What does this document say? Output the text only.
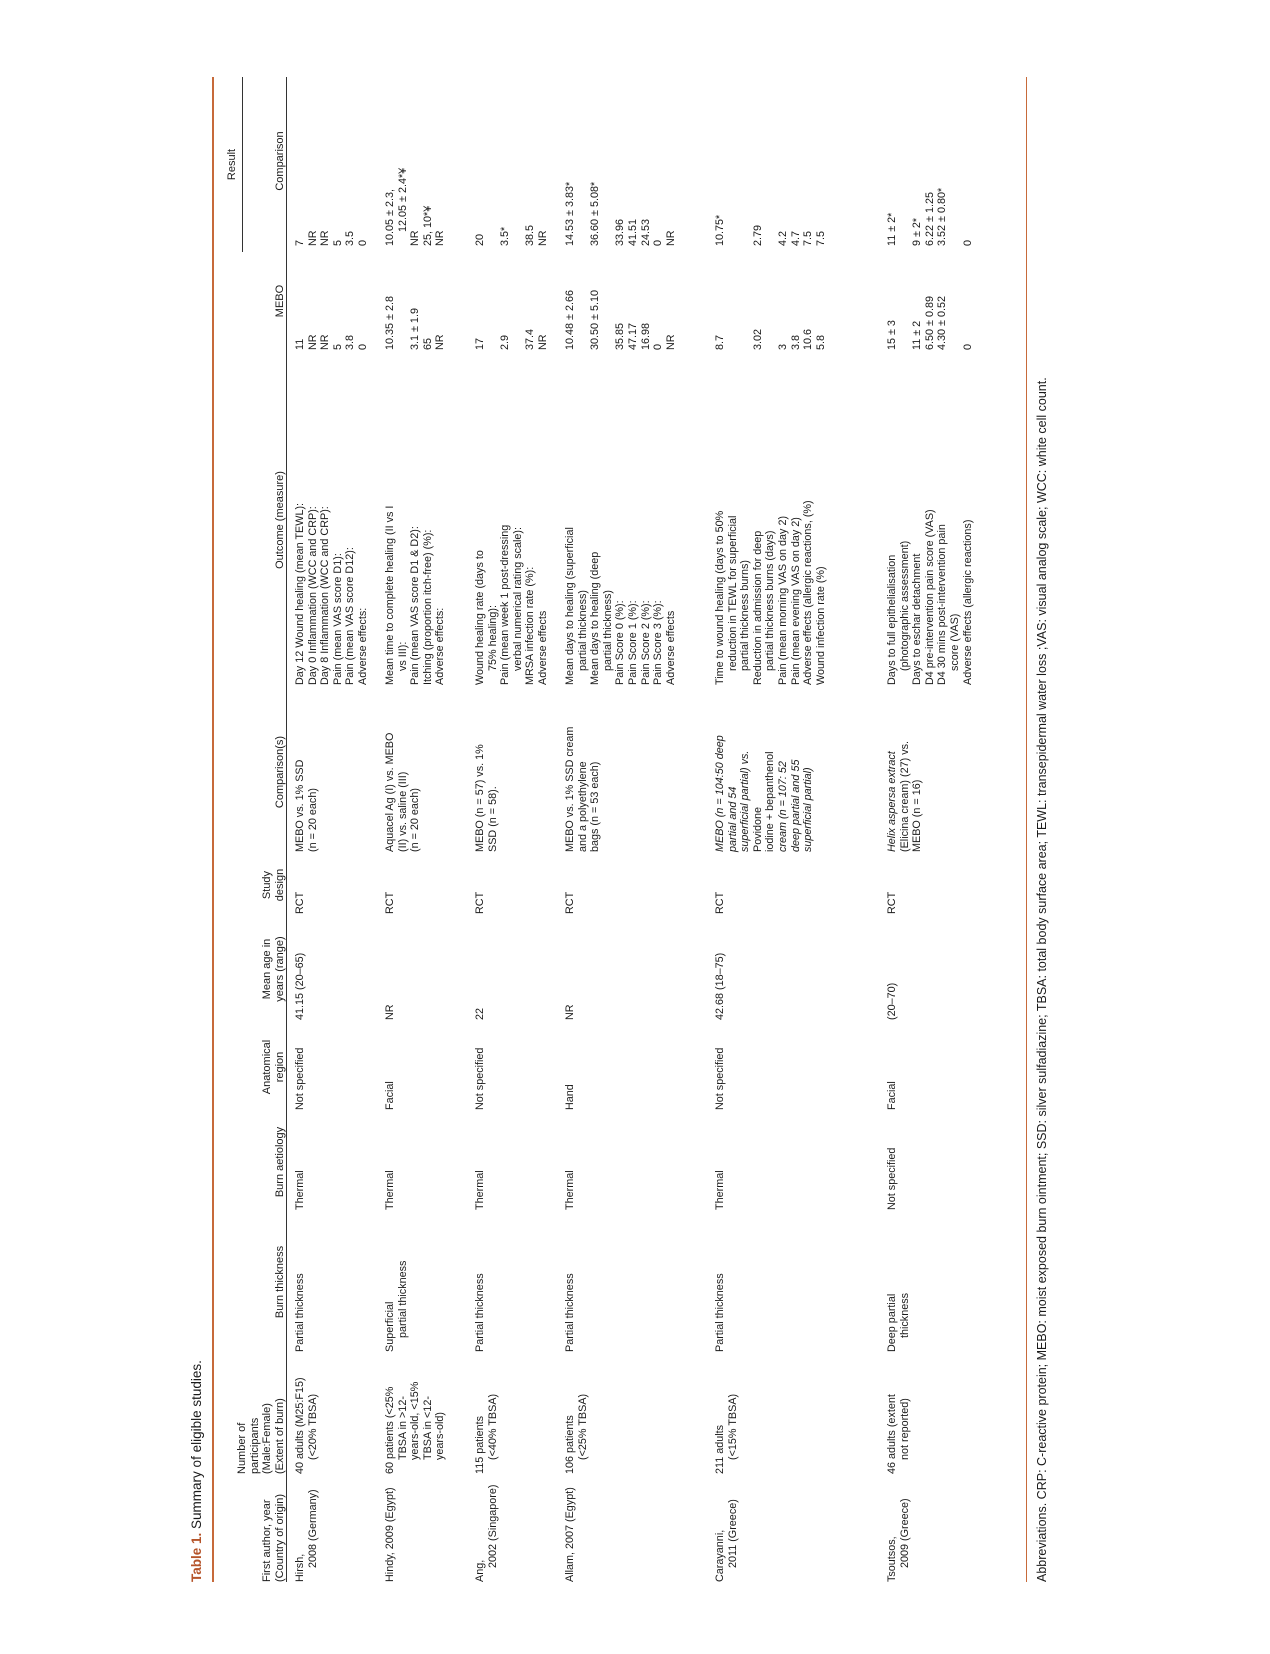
Table 1. Summary of eligible studies.
First author, year (Country of origin)
Number of participants (Male:Female) (Extent of burn)
Burn thickness
Burn aetiology
Anatomical region
Mean age in years (range)
Study design
Comparison(s)
Outcome (measure)
Result
MEBO
Comparison
Hirsh, 2008 (Germany)
40 adults (M25:F15) (<20% TBSA)
Partial thickness
Thermal
Not specified
41.15 (20–65)
RCT
MEBO vs. 1% SSD (n = 20 each)
Day 12 Wound healing (mean TEWL):
11
7
Day 0 Inflammation (WCC and CRP):
NR
NR
Day 8 Inflammation (WCC and CRP):
NR
NR
Pain (mean VAS score D1):
5
5
Pain (mean VAS score D12):
3.8
3.5
Adverse effects:
0
0
Hindy, 2009 (Egypt)
60 patients (<25% TBSA in >12- years-old, <15% TBSA in <12- years-old)
Superficial partial thickness
Thermal
Facial
NR
RCT
Aquacel Ag (I) vs. MEBO (II) vs. saline (III) (n = 20 each)
Mean time to complete healing (II vs I vs III):
10.35 ± 2.8
10.05 ± 2.3, 12.05 ± 2.4*¥
Pain (mean VAS score D1 & D2):
3.1 ± 1.9
NR
Itching (proportion itch-free) (%):
65
25, 10*¥
Adverse effects:
NR
NR
Ang,
2002 (Singapore)
115 patients (<40% TBSA)
Partial thickness
Thermal
Not specified
22
RCT
MEBO (n = 57) vs. 1% SSD (n = 58).
Wound healing rate (days to 75% healing):
17
20
Pain (mean week 1 post-dressing verbal numerical rating scale):
2.9
3.5*
MRSA infection rate (%):
37.4
38.5
Adverse effects
NR
NR
Allam, 2007 (Egypt)
106 patients (<25% TBSA)
Partial thickness
Thermal
Hand
NR
RCT
MEBO vs. 1% SSD cream and a polyethylene bags (n = 53 each)
Mean days to healing (superficial partial thickness)
10.48 ± 2.66
14.53 ± 3.83*
Mean days to healing (deep partial thickness)
30.50 ± 5.10
36.60 ± 5.08*
Pain Score 0 (%):
35.85
33.96
Pain Score 1 (%):
47.17
41.51
Pain Score 2 (%):
16.98
24.53
Pain Score 3 (%):
0
0
Adverse effects
NR
NR
Carayanni, 2011 (Greece)
211 adults (<15% TBSA)
Partial thickness
Thermal
Not specified
42.68 (18–75)
RCT
MEBO (n = 104:50 deep partial and 54 superficial partial) vs. Povidone iodine + bepanthenol cream (n = 107: 52 deep partial and 55 superficial partial)
Time to wound healing (days to 50% reduction in TEWL for superficial partial thickness burns)
8.7
10.75*
Reduction in admission for deep partial thickness burns (days)
3.02
2.79
Pain (mean morning VAS on day 2)
3
4.2
Pain (mean evening VAS on day 2)
3.8
4.7
Adverse effects (allergic reactions, (%)
10.6
7.5
Wound infection rate (%)
5.8
7.5
Tsoutsos, 2009 (Greece)
46 adults (extent not reported)
Deep partial thickness
Not specified
Facial
(20–70)
RCT
Helix aspersa extract (Elicina cream) (27) vs. MEBO (n = 16)
Days to full epithelialisation (photographic assessment)
15 ± 3
11 ± 2*
Days to eschar detachment
11 ± 2
9 ± 2*
D4 pre-intervention pain score (VAS)
6.50 ± 0.89
6.22 ± 1.25
D4 30 mins post-intervention pain score (VAS)
4.30 ± 0.52
3.52 ± 0.80*
Adverse effects (allergic reactions)
0
0
Abbreviations. CRP: C-reactive protein; MEBO: moist exposed burn ointment; SSD: silver sulfadiazine; TBSA: total body surface area; TEWL: transepidermal water loss ;VAS: visual analog scale; WCC: white cell count.
